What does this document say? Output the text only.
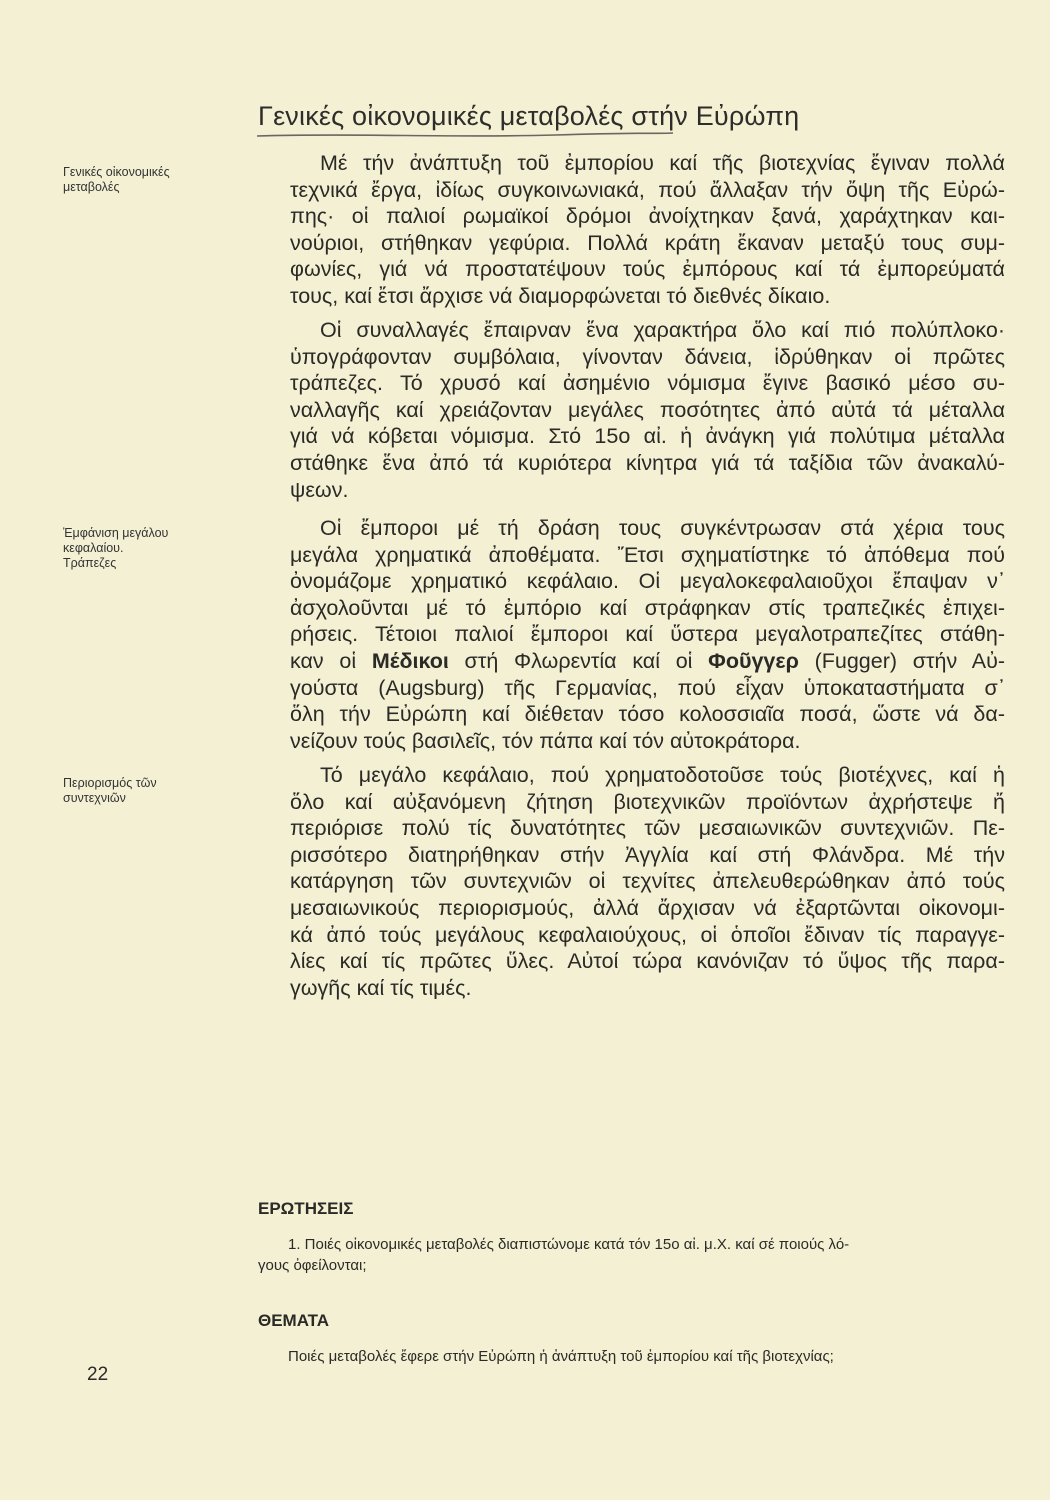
Γενικές οἰκονομικές μεταβολές στήν Εὐρώπη
Γενικές οἰκονομικές
μεταβολές
Ἐμφάνιση μεγάλου
κεφαλαίου.
Τράπεζες
Περιορισμός τῶν
συντεχνιῶν
Μέ τήν ἀνάπτυξη τοῦ ἐμπορίου καί τῆς βιοτεχνίας ἔγιναν πολλά
τεχνικά ἔργα, ἰδίως συγκοινωνιακά, πού ἄλλαξαν τήν ὄψη τῆς Εὐρώ-
πης· οἱ παλιοί ρωμαϊκοί δρόμοι ἀνοίχτηκαν ξανά, χαράχτηκαν και-
νούριοι, στήθηκαν γεφύρια. Πολλά κράτη ἔκαναν μεταξύ τους συμ-
φωνίες, γιά νά προστατέψουν τούς ἐμπόρους καί τά ἐμπορεύματά
τους, καί ἔτσι ἄρχισε νά διαμορφώνεται τό διεθνές δίκαιο.
Οἱ συναλλαγές ἔπαιρναν ἕνα χαρακτήρα ὅλο καί πιό πολύπλοκο·
ὑπογράφονταν συμβόλαια, γίνονταν δάνεια, ἱδρύθηκαν οἱ πρῶτες
τράπεζες. Τό χρυσό καί ἀσημένιο νόμισμα ἔγινε βασικό μέσο συ-
ναλλαγῆς καί χρειάζονταν μεγάλες ποσότητες ἀπό αὐτά τά μέταλλα
γιά νά κόβεται νόμισμα. Στό 15ο αἰ. ἡ ἀνάγκη γιά πολύτιμα μέταλλα
στάθηκε ἕνα ἀπό τά κυριότερα κίνητρα γιά τά ταξίδια τῶν ἀνακαλύ-
ψεων.
Οἱ ἔμποροι μέ τή δράση τους συγκέντρωσαν στά χέρια τους
μεγάλα χρηματικά ἀποθέματα. Ἔτσι σχηματίστηκε τό ἀπόθεμα πού
ὀνομάζομε χρηματικό κεφάλαιο. Οἱ μεγαλοκεφαλαιοῦχοι ἔπαψαν ν᾽
ἀσχολοῦνται μέ τό ἐμπόριο καί στράφηκαν στίς τραπεζικές ἐπιχει-
ρήσεις. Τέτοιοι παλιοί ἔμποροι καί ὕστερα μεγαλοτραπεζίτες στάθη-
καν οἱ Μέδικοι στή Φλωρεντία καί οἱ Φοῦγγερ (Fugger) στήν Αὐ-
γούστα (Augsburg) τῆς Γερμανίας, πού εἶχαν ὑποκαταστήματα σ᾽
ὅλη τήν Εὐρώπη καί διέθεταν τόσο κολοσσιαῖα ποσά, ὥστε νά δα-
νείζουν τούς βασιλεῖς, τόν πάπα καί τόν αὐτοκράτορα.
Τό μεγάλο κεφάλαιο, πού χρηματοδοτοῦσε τούς βιοτέχνες, καί ἡ
ὅλο καί αὐξανόμενη ζήτηση βιοτεχνικῶν προϊόντων ἀχρήστεψε ἤ
περιόρισε πολύ τίς δυνατότητες τῶν μεσαιωνικῶν συντεχνιῶν. Πε-
ρισσότερο διατηρήθηκαν στήν Ἀγγλία καί στή Φλάνδρα. Μέ τήν
κατάργηση τῶν συντεχνιῶν οἱ τεχνίτες ἀπελευθερώθηκαν ἀπό τούς
μεσαιωνικούς περιορισμούς, ἀλλά ἄρχισαν νά ἐξαρτῶνται οἰκονομι-
κά ἀπό τούς μεγάλους κεφαλαιούχους, οἱ ὁποῖοι ἔδιναν τίς παραγγε-
λίες καί τίς πρῶτες ὕλες. Αὐτοί τώρα κανόνιζαν τό ὕψος τῆς παρα-
γωγῆς καί τίς τιμές.
ΕΡΩΤΗΣΕΙΣ
1. Ποιές οἰκονομικές μεταβολές διαπιστώνομε κατά τόν 15ο αἰ. μ.Χ. καί σέ ποιούς λό-
γους ὀφείλονται;
ΘΕΜΑΤΑ
Ποιές μεταβολές ἔφερε στήν Εὐρώπη ἡ ἀνάπτυξη τοῦ ἐμπορίου καί τῆς βιοτεχνίας;
22
